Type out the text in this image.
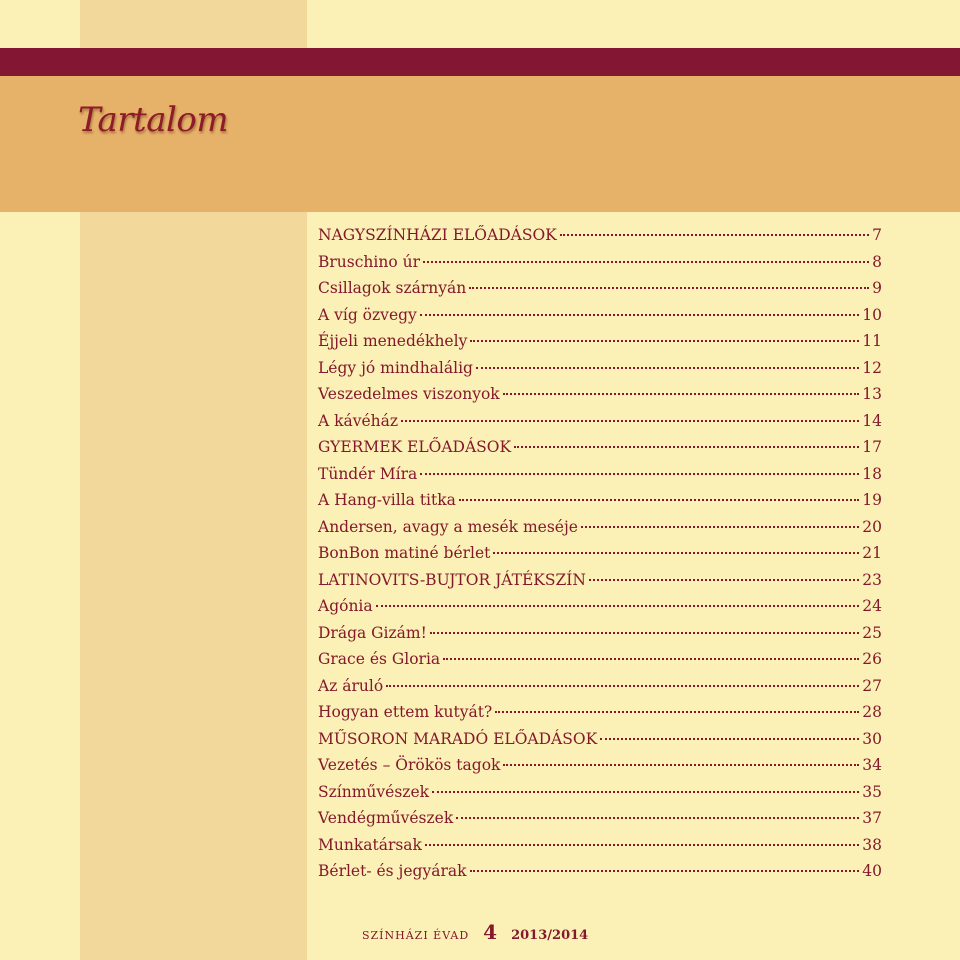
Tartalom
NAGYSZÍNHÁZI ELŐADÁSOK	7
Bruschino úr	8
Csillagok szárnyán	9
A víg özvegy	10
Éjjeli menedékhely	11
Légy jó mindhalálig	12
Veszedelmes viszonyok	13
A kávéház	14
GYERMEK ELŐADÁSOK	17
Tündér Míra	18
A Hang-villa titka	19
Andersen, avagy a mesék meséje	20
BonBon matiné bérlet	21
LATINOVITS-BUJTOR JÁTÉKSZÍN	23
Agónia	24
Drága Gizám!	25
Grace és Gloria	26
Az áruló	27
Hogyan ettem kutyát?	28
MŰSORON MARADÓ ELŐADÁSOK	30
Vezetés – Örökös tagok	34
Színművészek	35
Vendégművészek	37
Munkatársak	38
Bérlet- és jegyárak	40
SZÍNHÁZI ÉVAD 4 2013/2014
